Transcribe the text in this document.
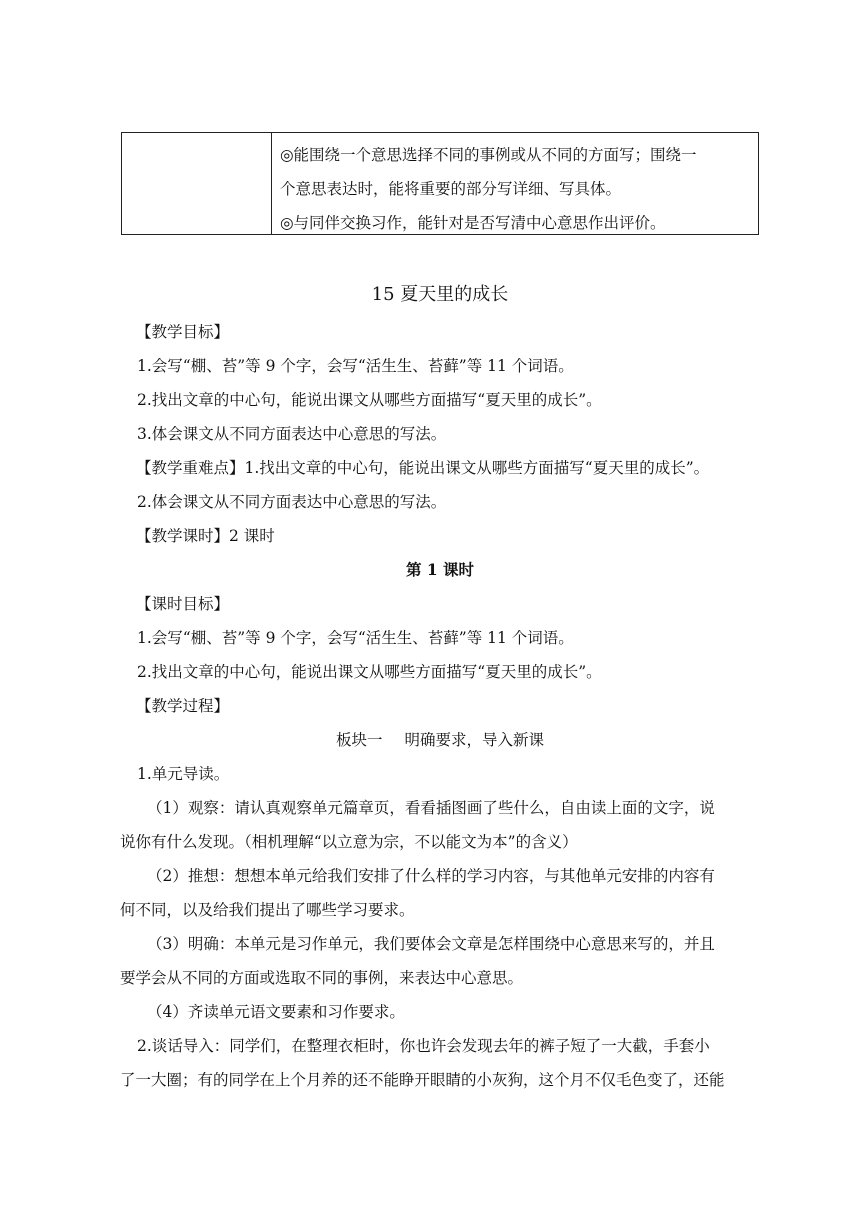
◎能围绕一个意思选择不同的事例或从不同的方面写；围绕一

个意思表达时，能将重要的部分写详细、写具体。

◎与同伴交换习作，能针对是否写清中心意思作出评价。

15 夏天里的成长

【教学目标】

1.会写“棚、苔”等 9 个字，会写“活生生、苔藓”等 11 个词语。

2.找出文章的中心句，能说出课文从哪些方面描写“夏天里的成长”。

3.体会课文从不同方面表达中心意思的写法。

【教学重难点】1.找出文章的中心句，能说出课文从哪些方面描写“夏天里的成长”。

2.体会课文从不同方面表达中心意思的写法。

【教学课时】2 课时

第 1 课时

【课时目标】

1.会写“棚、苔”等 9 个字，会写“活生生、苔藓”等 11 个词语。

2.找出文章的中心句，能说出课文从哪些方面描写“夏天里的成长”。

【教学过程】

板块一 明确要求，导入新课

1.单元导读。

（1）观察：请认真观察单元篇章页，看看插图画了些什么，自由读上面的文字，说

说你有什么发现。（相机理解“以立意为宗，不以能文为本”的含义）

（2）推想：想想本单元给我们安排了什么样的学习内容，与其他单元安排的内容有

何不同，以及给我们提出了哪些学习要求。

（3）明确：本单元是习作单元，我们要体会文章是怎样围绕中心意思来写的，并且

要学会从不同的方面或选取不同的事例，来表达中心意思。

（4）齐读单元语文要素和习作要求。

2.谈话导入：同学们，在整理衣柜时，你也许会发现去年的裤子短了一大截，手套小

了一大圈；有的同学在上个月养的还不能睁开眼睛的小灰狗，这个月不仅毛色变了，还能
